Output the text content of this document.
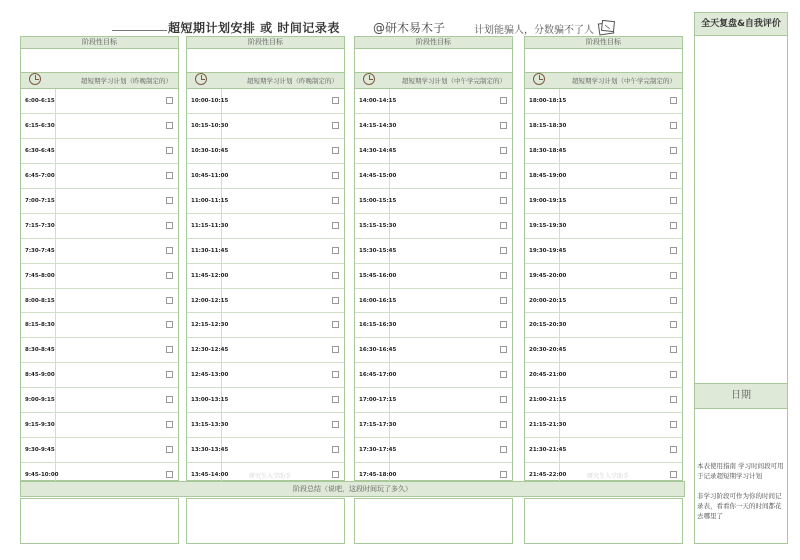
超短期计划安排 或 时间记录表	@研木易木子	计划能骗人，分数骗不了人
阶段性目标
超短期学习计划（昨晚制定的）
6:00-6:15
6:15-6:30
6:30-6:45
6:45-7:00
7:00-7:15
7:15-7:30
7:30-7:45
7:45-8:00
8:00-8:15
8:15-8:30
8:30-8:45
8:45-9:00
9:00-9:15
9:15-9:30
9:30-9:45
9:45-10:00
阶段性目标
超短期学习计划（昨晚制定的）
10:00-10:15
10:15-10:30
10:30-10:45
10:45-11:00
11:00-11:15
11:15-11:30
11:30-11:45
11:45-12:00
12:00-12:15
12:15-12:30
12:30-12:45
12:45-13:00
13:00-13:15
13:15-13:30
13:30-13:45
13:45-14:00	研究生入学助手
阶段性目标
超短期学习计划（中午学完制定的）
14:00-14:15
14:15-14:30
14:30-14:45
14:45-15:00
15:00-15:15
15:15-15:30
15:30-15:45
15:45-16:00
16:00-16:15
16:15-16:30
16:30-16:45
16:45-17:00
17:00-17:15
17:15-17:30
17:30-17:45
17:45-18:00
阶段性目标
超短期学习计划（中午学完制定的）
18:00-18:15
18:15-18:30
18:30-18:45
18:45-19:00
19:00-19:15
19:15-19:30
19:30-19:45
19:45-20:00
20:00-20:15
20:15-20:30
20:30-20:45
20:45-21:00
21:00-21:15
21:15-21:30
21:30-21:45
21:45-22:00	研究生入学助手
阶段总结（说吧，这段时间玩了多久）
全天复盘&自我评价
日期

本表使用指南 学习时间段可用于记录超短期学习计划

非学习阶段可作为你的时间记录表，看看你一天的时间都花去哪里了
